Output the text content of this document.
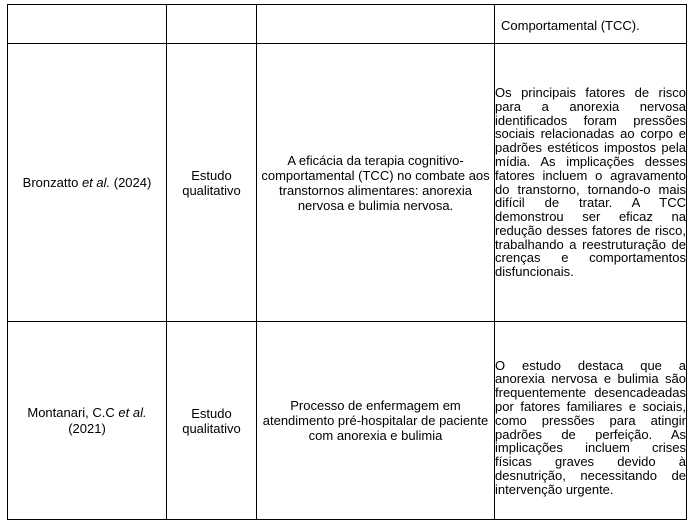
			Comportamental (TCC).
Bronzatto et al. (2024)	Estudo qualitativo	A eficácia da terapia cognitivo-comportamental (TCC) no combate aos transtornos alimentares: anorexia nervosa e bulimia nervosa.	Os principais fatores de risco para a anorexia nervosa identificados foram pressões sociais relacionadas ao corpo e padrões estéticos impostos pela mídia. As implicações desses fatores incluem o agravamento do transtorno, tornando-o mais difícil de tratar. A TCC demonstrou ser eficaz na redução desses fatores de risco, trabalhando a reestruturação de crenças e comportamentos disfuncionais.
Montanari, C.C et al.
(2021)	Estudo qualitativo	Processo de enfermagem em atendimento pré-hospitalar de paciente com anorexia e bulimia	O estudo destaca que a anorexia nervosa e bulimia são frequentemente desencadeadas por fatores familiares e sociais, como pressões para atingir padrões de perfeição. As implicações incluem crises físicas graves devido à desnutrição, necessitando de intervenção urgente.
